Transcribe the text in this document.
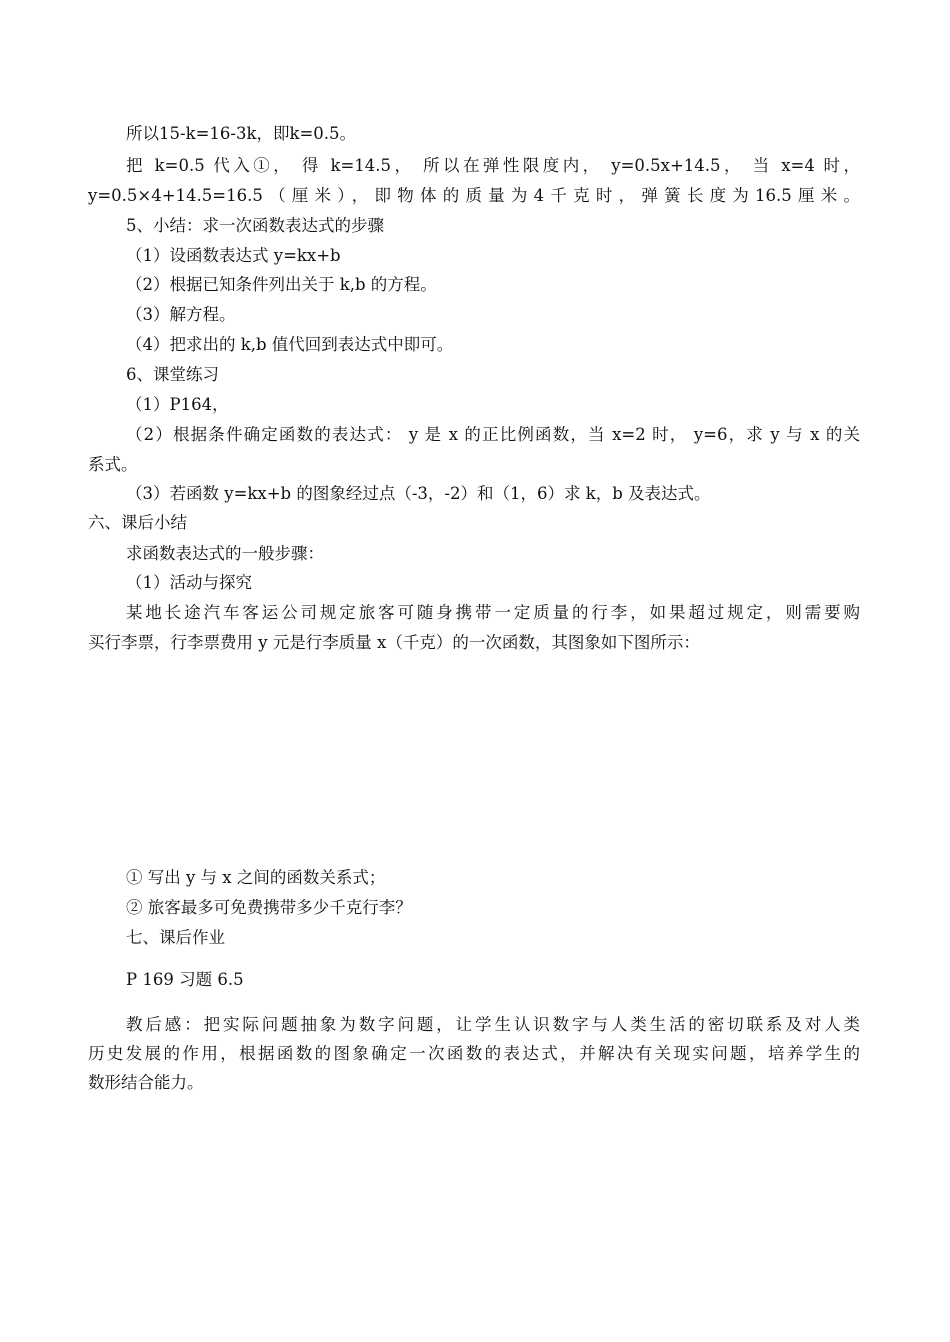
所以15-k=16-3k，即k=0.5。
把 k=0.5 代入①， 得 k=14.5， 所以在弹性限度内， y=0.5x+14.5， 当 x=4 时，
y=0.5×4+14.5=16.5（厘米），即物体的质量为4千克时，弹簧长度为16.5厘米。
5、小结：求一次函数表达式的步骤
（1）设函数表达式 y=kx+b
（2）根据已知条件列出关于 k,b 的方程。
（3）解方程。
（4）把求出的 k,b 值代回到表达式中即可。
6、课堂练习
（1）P164，
（2）根据条件确定函数的表达式： y 是 x 的正比例函数，当 x=2 时， y=6，求 y 与 x 的关
系式。
（3）若函数 y=kx+b 的图象经过点（-3，-2）和（1，6）求 k，b 及表达式。
六、课后小结
求函数表达式的一般步骤：
（1）活动与探究
某地长途汽车客运公司规定旅客可随身携带一定质量的行李，如果超过规定，则需要购
买行李票，行李票费用 y 元是行李质量 x（千克）的一次函数，其图象如下图所示：
① 写出 y 与 x 之间的函数关系式；
② 旅客最多可免费携带多少千克行李？
七、课后作业
P 169 习题 6.5
教后感：把实际问题抽象为数字问题，让学生认识数字与人类生活的密切联系及对人类
历史发展的作用，根据函数的图象确定一次函数的表达式，并解决有关现实问题，培养学生的
数形结合能力。
